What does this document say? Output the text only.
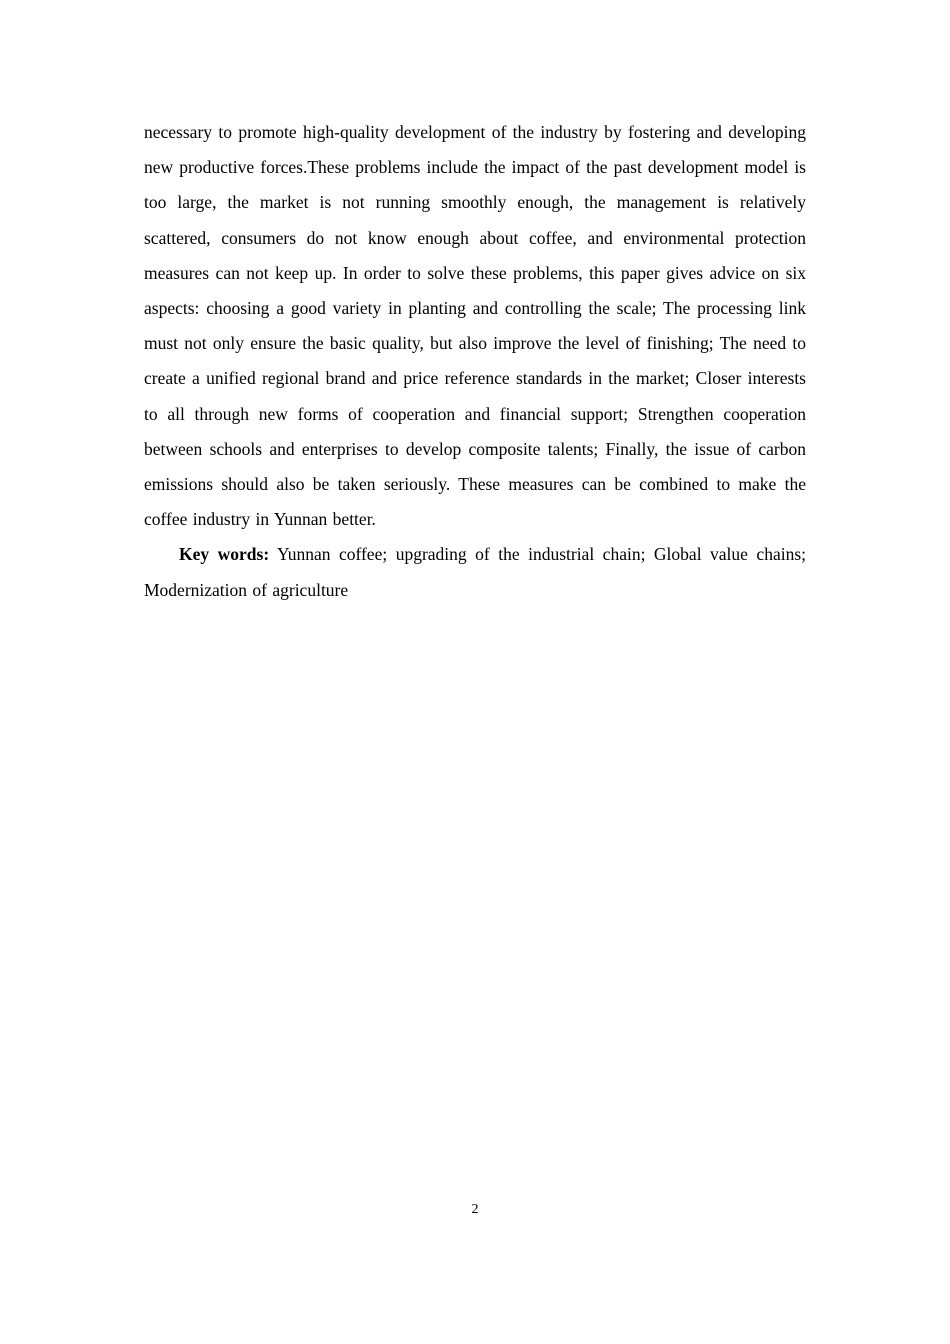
necessary to promote high-quality development of the industry by fostering and developing new productive forces.These problems include the impact of the past development model is too large, the market is not running smoothly enough, the management is relatively scattered, consumers do not know enough about coffee, and environmental protection measures can not keep up. In order to solve these problems, this paper gives advice on six aspects: choosing a good variety in planting and controlling the scale; The processing link must not only ensure the basic quality, but also improve the level of finishing; The need to create a unified regional brand and price reference standards in the market; Closer interests to all through new forms of cooperation and financial support; Strengthen cooperation between schools and enterprises to develop composite talents; Finally, the issue of carbon emissions should also be taken seriously. These measures can be combined to make the coffee industry in Yunnan better.

Key words: Yunnan coffee; upgrading of the industrial chain; Global value chains; Modernization of agriculture

2
